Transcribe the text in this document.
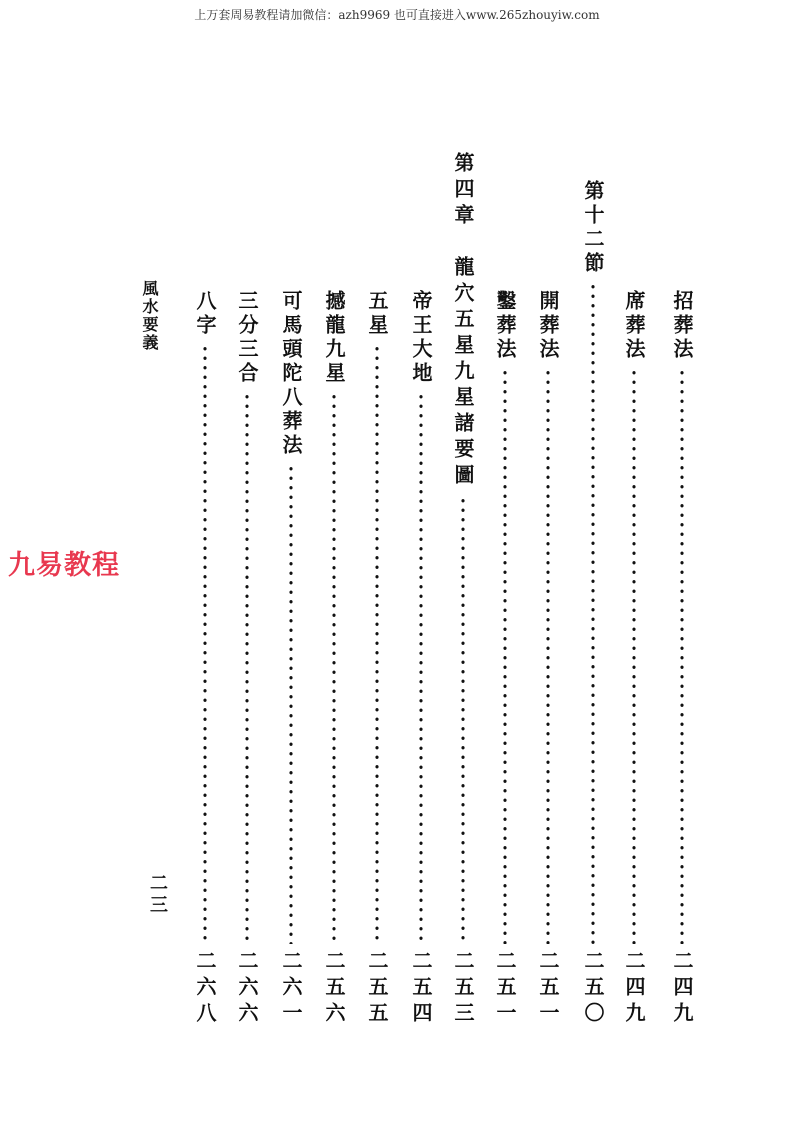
上万套周易教程请加微信：azh9969 也可直接进入www.265zhouyiw.com
九易教程
風水要義
二三
招葬法
二四九
席葬法
二四九
第十二節
二五〇
開葬法
二五一
鑿葬法
二五一
第四章　龍穴五星九星諸要圖
二五三
帝王大地
二五四
五星
二五五
撼龍九星
二五六
可馬頭陀八葬法
二六一
三分三合
二六六
八字
二六八
